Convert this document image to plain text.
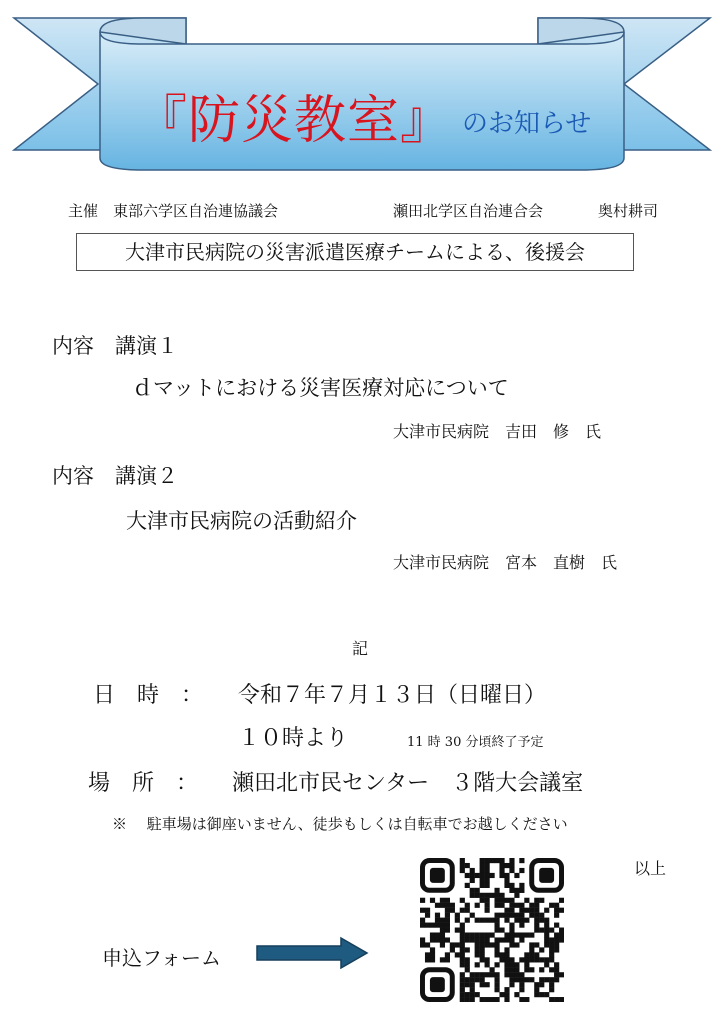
『防災教室』 のお知らせ
主催　東部六学区自治連協議会	瀬田北学区自治連合会	奥村耕司
大津市民病院の災害派遣医療チームによる、後援会
内容　講演１
ｄマットにおける災害医療対応について
大津市民病院　吉田　修　氏
内容　講演２
大津市民病院の活動紹介
大津市民病院　宮本　直樹　氏
記
日　時　： 令和７年７月１３日（日曜日）
１０時より	11 時 30 分頃終了予定
場　所　： 瀬田北市民センター　３階大会議室
※　 駐車場は御座いません、徒歩もしくは自転車でお越しください
以上
申込フォーム
